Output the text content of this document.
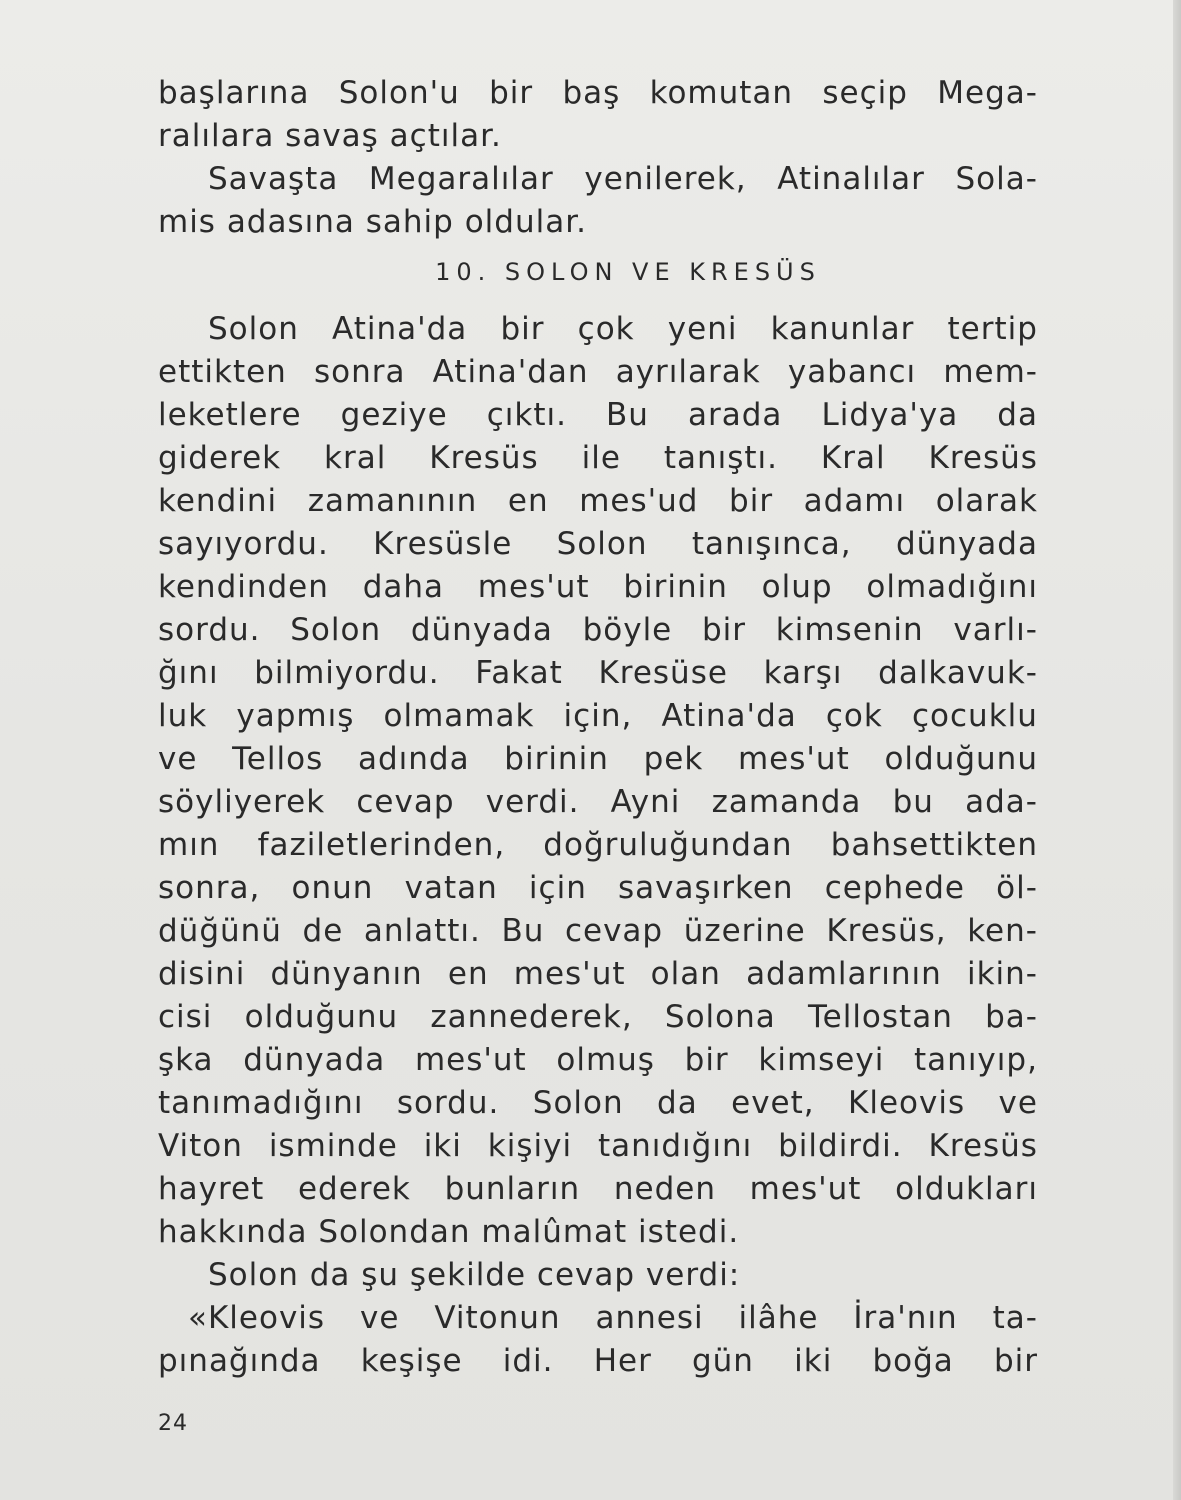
başlarına Solon'u bir baş komutan seçip Mega-
ralılara savaş açtılar.
Savaşta Megaralılar yenilerek, Atinalılar Sola-
mis adasına sahip oldular.
10. SOLON VE KRESÜS
Solon Atina'da bir çok yeni kanunlar tertip
ettikten sonra Atina'dan ayrılarak yabancı mem-
leketlere geziye çıktı. Bu arada Lidya'ya da
giderek kral Kresüs ile tanıştı. Kral Kresüs
kendini zamanının en mes'ud bir adamı olarak
sayıyordu. Kresüsle Solon tanışınca, dünyada
kendinden daha mes'ut birinin olup olmadığını
sordu. Solon dünyada böyle bir kimsenin varlı-
ğını bilmiyordu. Fakat Kresüse karşı dalkavuk-
luk yapmış olmamak için, Atina'da çok çocuklu
ve Tellos adında birinin pek mes'ut olduğunu
söyliyerek cevap verdi. Ayni zamanda bu ada-
mın faziletlerinden, doğruluğundan bahsettikten
sonra, onun vatan için savaşırken cephede öl-
düğünü de anlattı. Bu cevap üzerine Kresüs, ken-
disini dünyanın en mes'ut olan adamlarının ikin-
cisi olduğunu zannederek, Solona Tellostan ba-
şka dünyada mes'ut olmuş bir kimseyi tanıyıp,
tanımadığını sordu. Solon da evet, Kleovis ve
Viton isminde iki kişiyi tanıdığını bildirdi. Kresüs
hayret ederek bunların neden mes'ut oldukları
hakkında Solondan malûmat istedi.
Solon da şu şekilde cevap verdi:
«Kleovis ve Vitonun annesi ilâhe İra'nın ta-
pınağında keşişe idi. Her gün iki boğa bir
24
